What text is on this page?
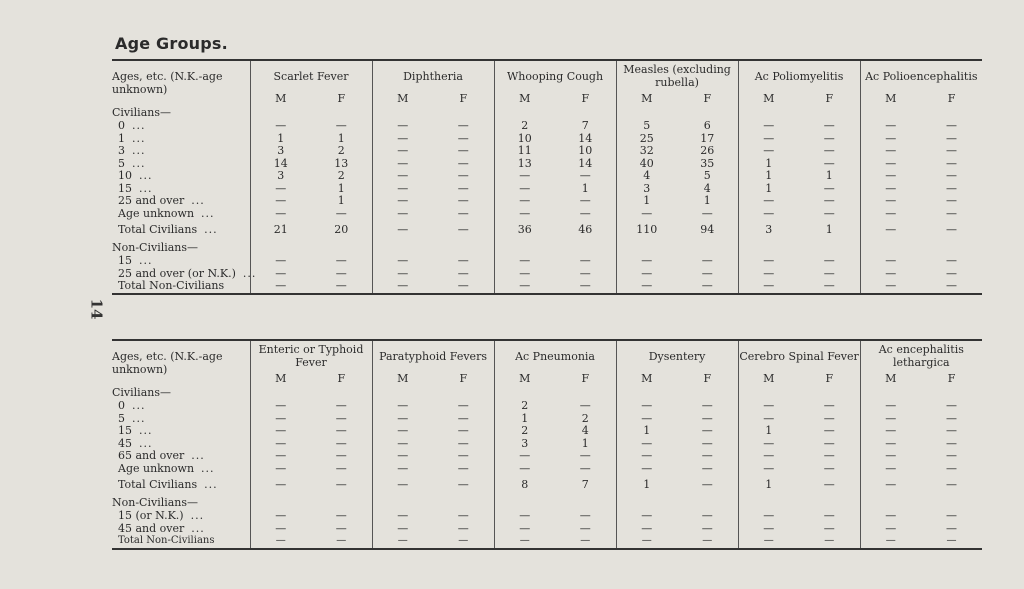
Age Groups.
14
Ages, etc. (N.K.-age unknown)	Scarlet Fever		Diphtheria		Whooping Cough		Measles (excluding rubella)		Ac Poliomyelitis		Ac Polioencephalitis	
	M	F	M	F	M	F	M	F	M	F	M	F
Civilians—												
0 ...	—	—	—	—	2	7	5	6	—	—	—	—
1 ...	1	1	—	—	10	14	25	17	—	—	—	—
3 ...	3	2	—	—	11	10	32	26	—	—	—	—
5 ...	14	13	—	—	13	14	40	35	1	—	—	—
10 ...	3	2	—	—	—	—	4	5	1	1	—	—
15 ...	—	1	—	—	—	1	3	4	1	—	—	—
25 and over ...	—	1	—	—	—	—	1	1	—	—	—	—
Age unknown ...	—	—	—	—	—	—	—	—	—	—	—	—
Total Civilians ...	21	20	—	—	36	46	110	94	3	1	—	—
Non-Civilians—												
15 ...	—	—	—	—	—	—	—	—	—	—	—	—
25 and over (or N.K.) ...	—	—	—	—	—	—	—	—	—	—	—	—
Total Non-Civilians	—	—	—	—	—	—	—	—	—	—	—	—
Ages, etc. (N.K.-age unknown)	Enteric or Typhoid Fever		Paratyphoid Fevers		Ac Pneumonia		Dysentery		Cerebro Spinal Fever		Ac encephalitis lethargica	
	M	F	M	F	M	F	M	F	M	F	M	F
Civilians—												
0 ...	—	—	—	—	2	—	—	—	—	—	—	—
5 ...	—	—	—	—	1	2	—	—	—	—	—	—
15 ...	—	—	—	—	2	4	1	—	1	—	—	—
45 ...	—	—	—	—	3	1	—	—	—	—	—	—
65 and over ...	—	—	—	—	—	—	—	—	—	—	—	—
Age unknown ...	—	—	—	—	—	—	—	—	—	—	—	—
Total Civilians ...	—	—	—	—	8	7	1	—	1	—	—	—
Non-Civilians—												
15 (or N.K.) ...	—	—	—	—	—	—	—	—	—	—	—	—
45 and over ...	—	—	—	—	—	—	—	—	—	—	—	—
Total Non-Civilians	—	—	—	—	—	—	—	—	—	—	—	—
